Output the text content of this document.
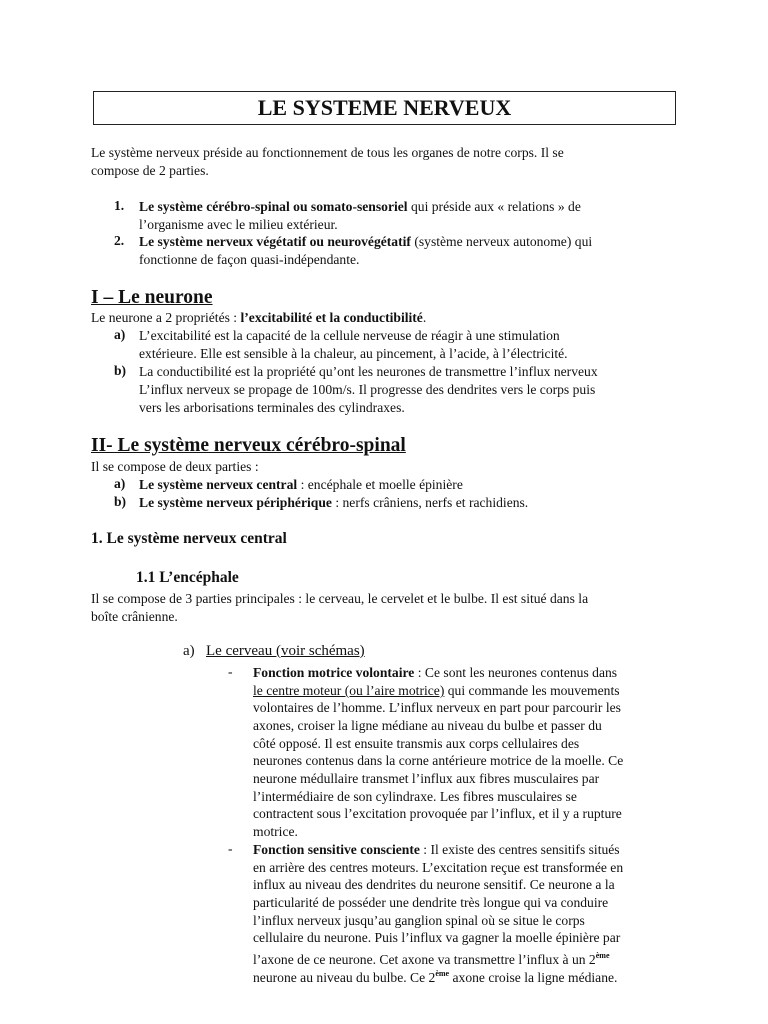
LE SYSTEME NERVEUX
Le système nerveux préside au fonctionnement de tous les organes de notre corps. Il se
compose de 2 parties.
1. Le système cérébro-spinal ou somato-sensoriel qui préside aux « relations » de
l’organisme avec le milieu extérieur.
2. Le système nerveux végétatif ou neurovégétatif (système nerveux autonome) qui
fonctionne de façon quasi-indépendante.
I – Le neurone
Le neurone a 2 propriétés : l’excitabilité et la conductibilité.
a) L’excitabilité est la capacité de la cellule nerveuse de réagir à une stimulation
extérieure. Elle est sensible à la chaleur, au pincement, à l’acide, à l’électricité.
b) La conductibilité est la propriété qu’ont les neurones de transmettre l’influx nerveux
L’influx nerveux se propage de 100m/s. Il progresse des dendrites vers le corps puis
vers les arborisations terminales des cylindraxes.
II- Le système nerveux cérébro-spinal
Il se compose de deux parties :
a) Le système nerveux central : encéphale et moelle épinière
b) Le système nerveux périphérique : nerfs crâniens, nerfs et rachidiens.
1. Le système nerveux central
1.1 L’encéphale
Il se compose de 3 parties principales : le cerveau, le cervelet et le bulbe. Il est situé dans la
boîte crânienne.
a) Le cerveau (voir schémas)
- Fonction motrice volontaire : Ce sont les neurones contenus dans
le centre moteur (ou l’aire motrice) qui commande les mouvements
volontaires de l’homme. L’influx nerveux en part pour parcourir les
axones, croiser la ligne médiane au niveau du bulbe et passer du
côté opposé. Il est ensuite transmis aux corps cellulaires des
neurones contenus dans la corne antérieure motrice de la moelle. Ce
neurone médullaire transmet l’influx aux fibres musculaires par
l’intermédiaire de son cylindraxe. Les fibres musculaires se
contractent sous l’excitation provoquée par l’influx, et il y a rupture
motrice.
- Fonction sensitive consciente : Il existe des centres sensitifs situés
en arrière des centres moteurs. L’excitation reçue est transformée en
influx au niveau des dendrites du neurone sensitif. Ce neurone a la
particularité de posséder une dendrite très longue qui va conduire
l’influx nerveux jusqu’au ganglion spinal où se situe le corps
cellulaire du neurone. Puis l’influx va gagner la moelle épinière par
l’axone de ce neurone. Cet axone va transmettre l’influx à un 2ème
neurone au niveau du bulbe. Ce 2ème axone croise la ligne médiane.
